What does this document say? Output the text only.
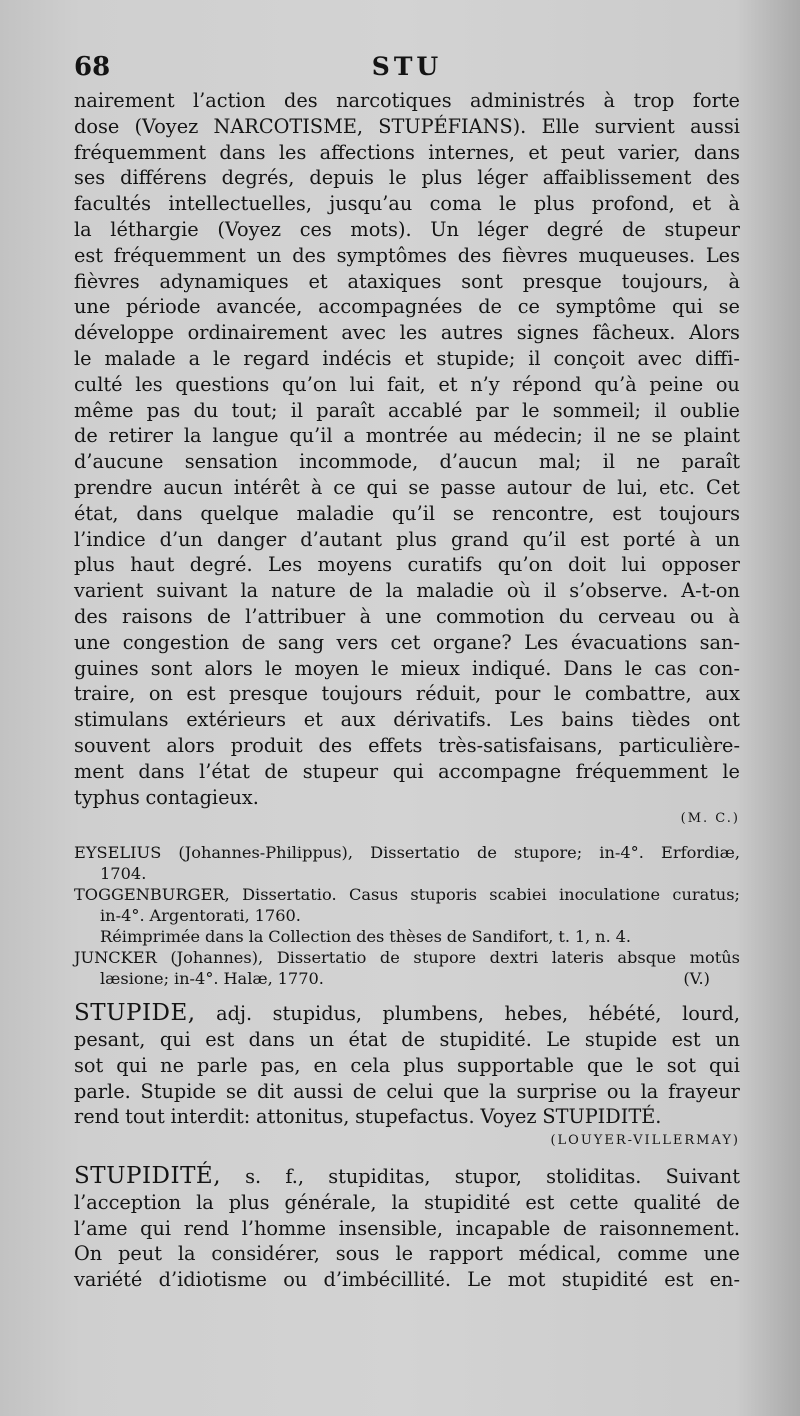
68	STU
nairement l’action des narcotiques administrés à trop forte
dose (Voyez NARCOTISME, STUPÉFIANS). Elle survient aussi
fréquemment dans les affections internes, et peut varier, dans
ses différens degrés, depuis le plus léger affaiblissement des
facultés intellectuelles, jusqu’au coma le plus profond, et à
la léthargie (Voyez ces mots). Un léger degré de stupeur
est fréquemment un des symptômes des fièvres muqueuses. Les
fièvres adynamiques et ataxiques sont presque toujours, à
une période avancée, accompagnées de ce symptôme qui se
développe ordinairement avec les autres signes fâcheux. Alors
le malade a le regard indécis et stupide; il conçoit avec diffi-
culté les questions qu’on lui fait, et n’y répond qu’à peine ou
même pas du tout; il paraît accablé par le sommeil; il oublie
de retirer la langue qu’il a montrée au médecin; il ne se plaint
d’aucune sensation incommode, d’aucun mal; il ne paraît
prendre aucun intérêt à ce qui se passe autour de lui, etc. Cet
état, dans quelque maladie qu’il se rencontre, est toujours
l’indice d’un danger d’autant plus grand qu’il est porté à un
plus haut degré. Les moyens curatifs qu’on doit lui opposer
varient suivant la nature de la maladie où il s’observe. A-t-on
des raisons de l’attribuer à une commotion du cerveau ou à
une congestion de sang vers cet organe? Les évacuations san-
guines sont alors le moyen le mieux indiqué. Dans le cas con-
traire, on est presque toujours réduit, pour le combattre, aux
stimulans extérieurs et aux dérivatifs. Les bains tièdes ont
souvent alors produit des effets très-satisfaisans, particulière-
ment dans l’état de stupeur qui accompagne fréquemment le
typhus contagieux.
(M. C.)
EYSELIUS (Johannes-Philippus), Dissertatio de stupore; in-4°. Erfordiæ,
1704.
TOGGENBURGER, Dissertatio. Casus stuporis scabiei inoculatione curatus;
in-4°. Argentorati, 1760.
Réimprimée dans la Collection des thèses de Sandifort, t. 1, n. 4.
JUNCKER (Johannes), Dissertatio de stupore dextri lateris absque motûs
læsione; in-4°. Halæ, 1770.	(V.)
STUPIDE, adj. stupidus, plumbens, hebes, hébété, lourd,
pesant, qui est dans un état de stupidité. Le stupide est un
sot qui ne parle pas, en cela plus supportable que le sot qui
parle. Stupide se dit aussi de celui que la surprise ou la frayeur
rend tout interdit: attonitus, stupefactus. Voyez STUPIDITÉ.
(LOUYER-VILLERMAY)
STUPIDITÉ, s. f., stupiditas, stupor, stoliditas. Suivant
l’acception la plus générale, la stupidité est cette qualité de
l’ame qui rend l’homme insensible, incapable de raisonnement.
On peut la considérer, sous le rapport médical, comme une
variété d’idiotisme ou d’imbécillité. Le mot stupidité est en-
